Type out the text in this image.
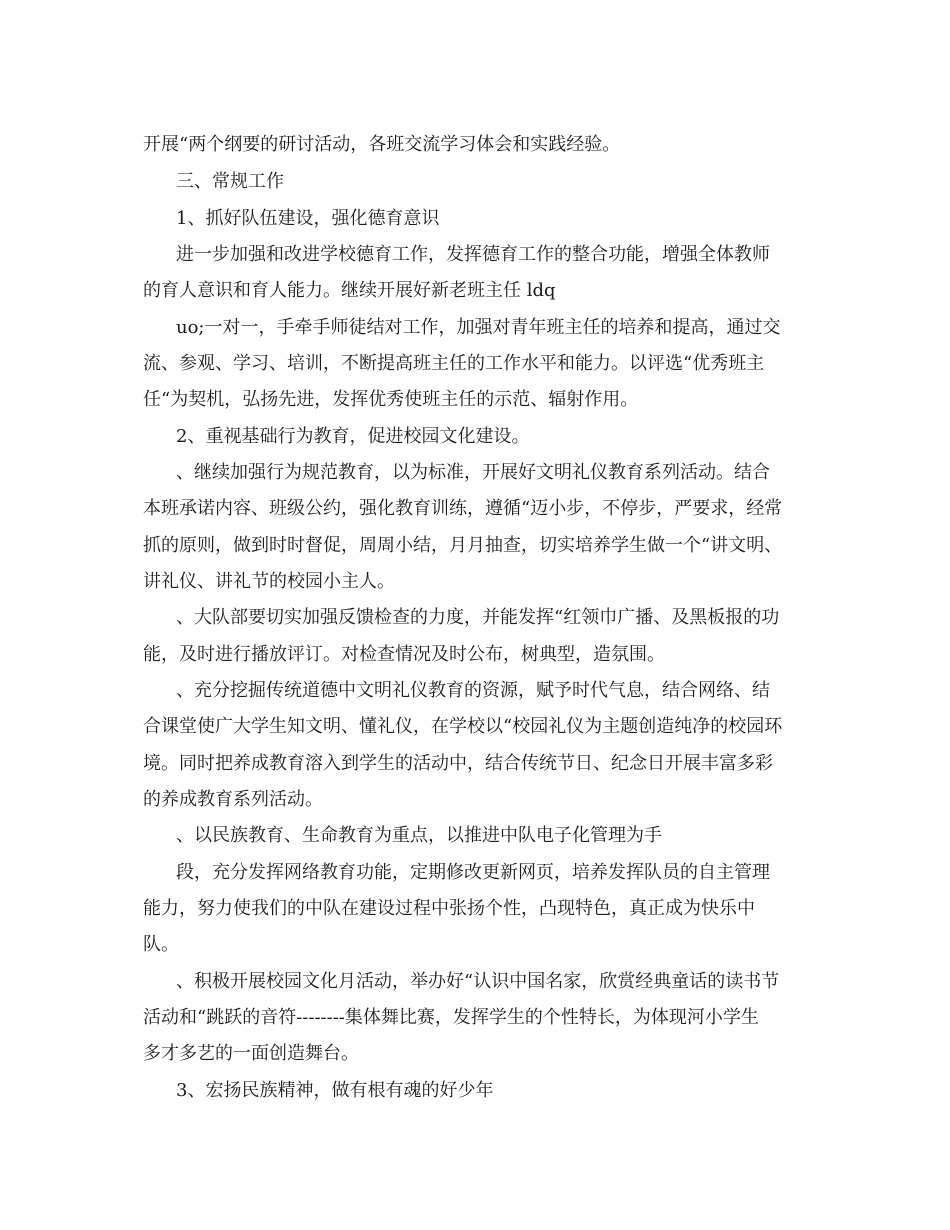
开展“两个纲要的研讨活动，各班交流学习体会和实践经验。

三、常规工作

1、抓好队伍建设，强化德育意识

进一步加强和改进学校德育工作，发挥德育工作的整合功能，增强全体教师

的育人意识和育人能力。继续开展好新老班主任 ldq

uo;一对一，手牵手师徒结对工作，加强对青年班主任的培养和提高，通过交

流、参观、学习、培训，不断提高班主任的工作水平和能力。以评选“优秀班主

任“为契机，弘扬先进，发挥优秀使班主任的示范、辐射作用。

2、重视基础行为教育，促进校园文化建设。

、继续加强行为规范教育，以为标准，开展好文明礼仪教育系列活动。结合

本班承诺内容、班级公约，强化教育训练，遵循“迈小步，不停步，严要求，经常

抓的原则，做到时时督促，周周小结，月月抽查，切实培养学生做一个“讲文明、

讲礼仪、讲礼节的校园小主人。

、大队部要切实加强反馈检查的力度，并能发挥“红领巾广播、及黑板报的功

能，及时进行播放评订。对检查情况及时公布，树典型，造氛围。

、充分挖掘传统道德中文明礼仪教育的资源，赋予时代气息，结合网络、结

合课堂使广大学生知文明、懂礼仪，在学校以“校园礼仪为主题创造纯净的校园环

境。同时把养成教育溶入到学生的活动中，结合传统节日、纪念日开展丰富多彩

的养成教育系列活动。

、以民族教育、生命教育为重点，以推进中队电子化管理为手

段，充分发挥网络教育功能，定期修改更新网页，培养发挥队员的自主管理

能力，努力使我们的中队在建设过程中张扬个性，凸现特色，真正成为快乐中

队。

、积极开展校园文化月活动，举办好“认识中国名家，欣赏经典童话的读书节

活动和“跳跃的音符--------集体舞比赛，发挥学生的个性特长，为体现河小学生

多才多艺的一面创造舞台。

3、宏扬民族精神，做有根有魂的好少年
